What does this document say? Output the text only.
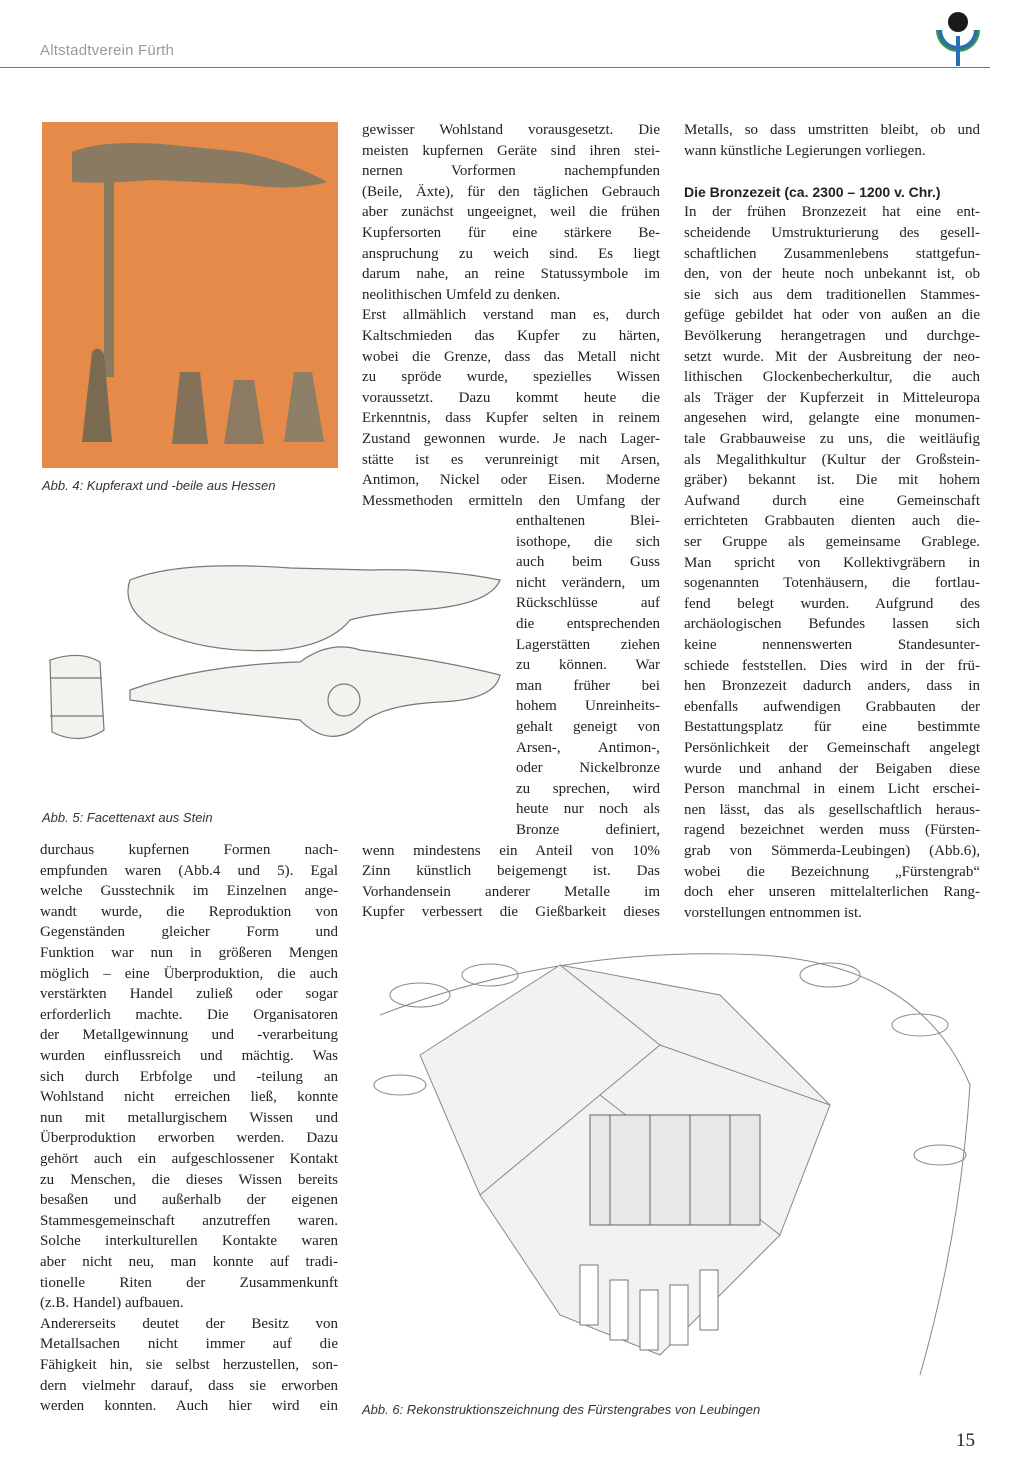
Altstadtverein Fürth
Abb. 4: Kupferaxt und -beile aus Hessen
Abb. 5: Facettenaxt aus Stein
Abb. 6: Rekonstruktionszeichnung des Fürstengrabes von Leubingen
durchaus kupfernen Formen nach-
empfunden waren (Abb.4 und 5). Egal
welche Gusstechnik im Einzelnen ange-
wandt wurde, die Reproduktion von
Gegenständen gleicher Form und
Funktion war nun in größeren Mengen
möglich – eine Überproduktion, die auch
verstärkten Handel zuließ oder sogar
erforderlich machte. Die Organisatoren
der Metallgewinnung und -verarbeitung
wurden einflussreich und mächtig. Was
sich durch Erbfolge und -teilung an
Wohlstand nicht erreichen ließ, konnte
nun mit metallurgischem Wissen und
Überproduktion erworben werden. Dazu
gehört auch ein aufgeschlossener Kontakt
zu Menschen, die dieses Wissen bereits
besaßen und außerhalb der eigenen
Stammesgemeinschaft anzutreffen waren.
Solche interkulturellen Kontakte waren
aber nicht neu, man konnte auf tradi-
tionelle Riten der Zusammenkunft
(z.B. Handel) aufbauen.
Andererseits deutet der Besitz von
Metallsachen nicht immer auf die
Fähigkeit hin, sie selbst herzustellen, son-
dern vielmehr darauf, dass sie erworben
werden konnten. Auch hier wird ein
gewisser Wohlstand vorausgesetzt. Die
meisten kupfernen Geräte sind ihren stei-
nernen Vorformen nachempfunden
(Beile, Äxte), für den täglichen Gebrauch
aber zunächst ungeeignet, weil die frühen
Kupfersorten für eine stärkere Be-
anspruchung zu weich sind. Es liegt
darum nahe, an reine Statussymbole im
neolithischen Umfeld zu denken.
Erst allmählich verstand man es, durch
Kaltschmieden das Kupfer zu härten,
wobei die Grenze, dass das Metall nicht
zu spröde wurde, spezielles Wissen
voraussetzt. Dazu kommt heute die
Erkenntnis, dass Kupfer selten in reinem
Zustand gewonnen wurde. Je nach Lager-
stätte ist es verunreinigt mit Arsen,
Antimon, Nickel oder Eisen. Moderne
Messmethoden ermitteln den Umfang der
enthaltenen Blei-
isothope, die sich
auch beim Guss
nicht verändern, um
Rückschlüsse auf
die entsprechenden
Lagerstätten ziehen
zu können. War
man früher bei
hohem Unreinheits-
gehalt geneigt von
Arsen-, Antimon-,
oder Nickelbronze
zu sprechen, wird
heute nur noch als
Bronze definiert,
wenn mindestens ein Anteil von 10%
Zinn künstlich beigemengt ist. Das
Vorhandensein anderer Metalle im
Kupfer verbessert die Gießbarkeit dieses
Metalls, so dass umstritten bleibt, ob und
wann künstliche Legierungen vorliegen.
Die Bronzezeit (ca. 2300 – 1200 v. Chr.)
In der frühen Bronzezeit hat eine ent-
scheidende Umstrukturierung des gesell-
schaftlichen Zusammenlebens stattgefun-
den, von der heute noch unbekannt ist, ob
sie sich aus dem traditionellen Stammes-
gefüge gebildet hat oder von außen an die
Bevölkerung herangetragen und durchge-
setzt wurde. Mit der Ausbreitung der neo-
lithischen Glockenbecherkultur, die auch
als Träger der Kupferzeit in Mitteleuropa
angesehen wird, gelangte eine monumen-
tale Grabbauweise zu uns, die weitläufig
als Megalithkultur (Kultur der Großstein-
gräber) bekannt ist. Die mit hohem
Aufwand durch eine Gemeinschaft
errichteten Grabbauten dienten auch die-
ser Gruppe als gemeinsame Grablege.
Man spricht von Kollektivgräbern in
sogenannten Totenhäusern, die fortlau-
fend belegt wurden. Aufgrund des
archäologischen Befundes lassen sich
keine nennenswerten Standesunter-
schiede feststellen. Dies wird in der frü-
hen Bronzezeit dadurch anders, dass in
ebenfalls aufwendigen Grabbauten der
Bestattungsplatz für eine bestimmte
Persönlichkeit der Gemeinschaft angelegt
wurde und anhand der Beigaben diese
Person manchmal in einem Licht erschei-
nen lässt, das als gesellschaftlich heraus-
ragend bezeichnet werden muss (Fürsten-
grab von Sömmerda-Leubingen) (Abb.6),
wobei die Bezeichnung „Fürstengrab“
doch eher unseren mittelalterlichen Rang-
vorstellungen entnommen ist.
15
